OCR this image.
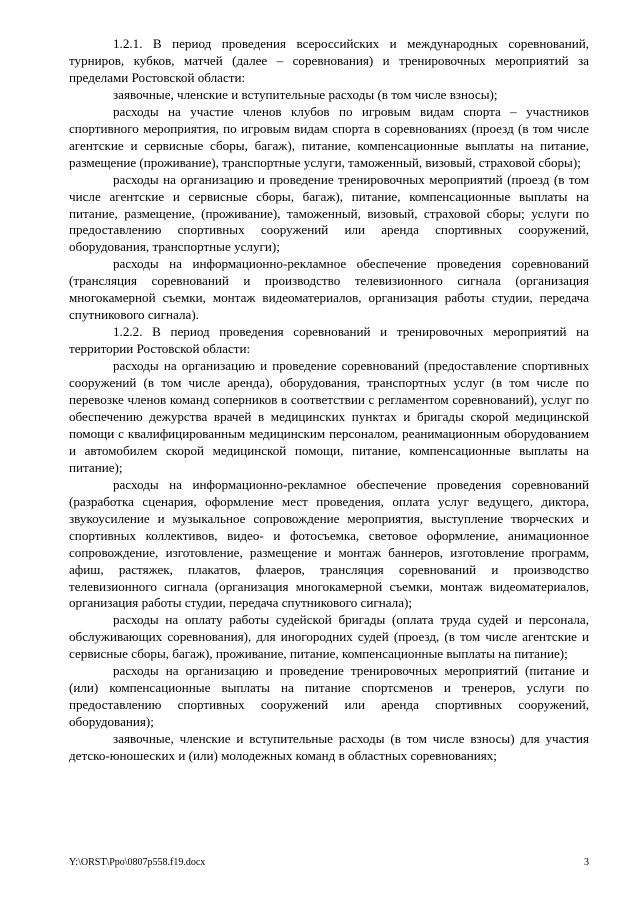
1.2.1. В период проведения всероссийских и международных соревнований, турниров, кубков, матчей (далее – соревнования) и тренировочных мероприятий за пределами Ростовской области:

заявочные, членские и вступительные расходы (в том числе взносы);

расходы на участие членов клубов по игровым видам спорта – участников спортивного мероприятия, по игровым видам спорта в соревнованиях (проезд (в том числе агентские и сервисные сборы, багаж), питание, компенсационные выплаты на питание, размещение (проживание), транспортные услуги, таможенный, визовый, страховой сборы);

расходы на организацию и проведение тренировочных мероприятий (проезд (в том числе агентские и сервисные сборы, багаж), питание, компенсационные выплаты на питание, размещение, (проживание), таможенный, визовый, страховой сборы; услуги по предоставлению спортивных сооружений или аренда спортивных сооружений, оборудования, транспортные услуги);

расходы на информационно-рекламное обеспечение проведения соревнований (трансляция соревнований и производство телевизионного сигнала (организация многокамерной съемки, монтаж видеоматериалов, организация работы студии, передача спутникового сигнала).

1.2.2. В период проведения соревнований и тренировочных мероприятий на территории Ростовской области:

расходы на организацию и проведение соревнований (предоставление спортивных сооружений (в том числе аренда), оборудования, транспортных услуг (в том числе по перевозке членов команд соперников в соответствии с регламентом соревнований), услуг по обеспечению дежурства врачей в медицинских пунктах и бригады скорой медицинской помощи с квалифицированным медицинским персоналом, реанимационным оборудованием и автомобилем скорой медицинской помощи, питание, компенсационные выплаты на питание);

расходы на информационно-рекламное обеспечение проведения соревнований (разработка сценария, оформление мест проведения, оплата услуг ведущего, диктора, звукоусиление и музыкальное сопровождение мероприятия, выступление творческих и спортивных коллективов, видео- и фотосъемка, световое оформление, анимационное сопровождение, изготовление, размещение и монтаж баннеров, изготовление программ, афиш, растяжек, плакатов, флаеров, трансляция соревнований и производство телевизионного сигнала (организация многокамерной съемки, монтаж видеоматериалов, организация работы студии, передача спутникового сигнала);

расходы на оплату работы судейской бригады (оплата труда судей и персонала, обслуживающих соревнования), для иногородних судей (проезд, (в том числе агентские и сервисные сборы, багаж), проживание, питание, компенсационные выплаты на питание);

расходы на организацию и проведение тренировочных мероприятий (питание и (или) компенсационные выплаты на питание спортсменов и тренеров, услуги по предоставлению спортивных сооружений или аренда спортивных сооружений, оборудования);

заявочные, членские и вступительные расходы (в том числе взносы) для участия детско-юношеских и (или) молодежных команд в областных соревнованиях;

Y:\ORST\Ppo\0807p558.f19.docx	3
